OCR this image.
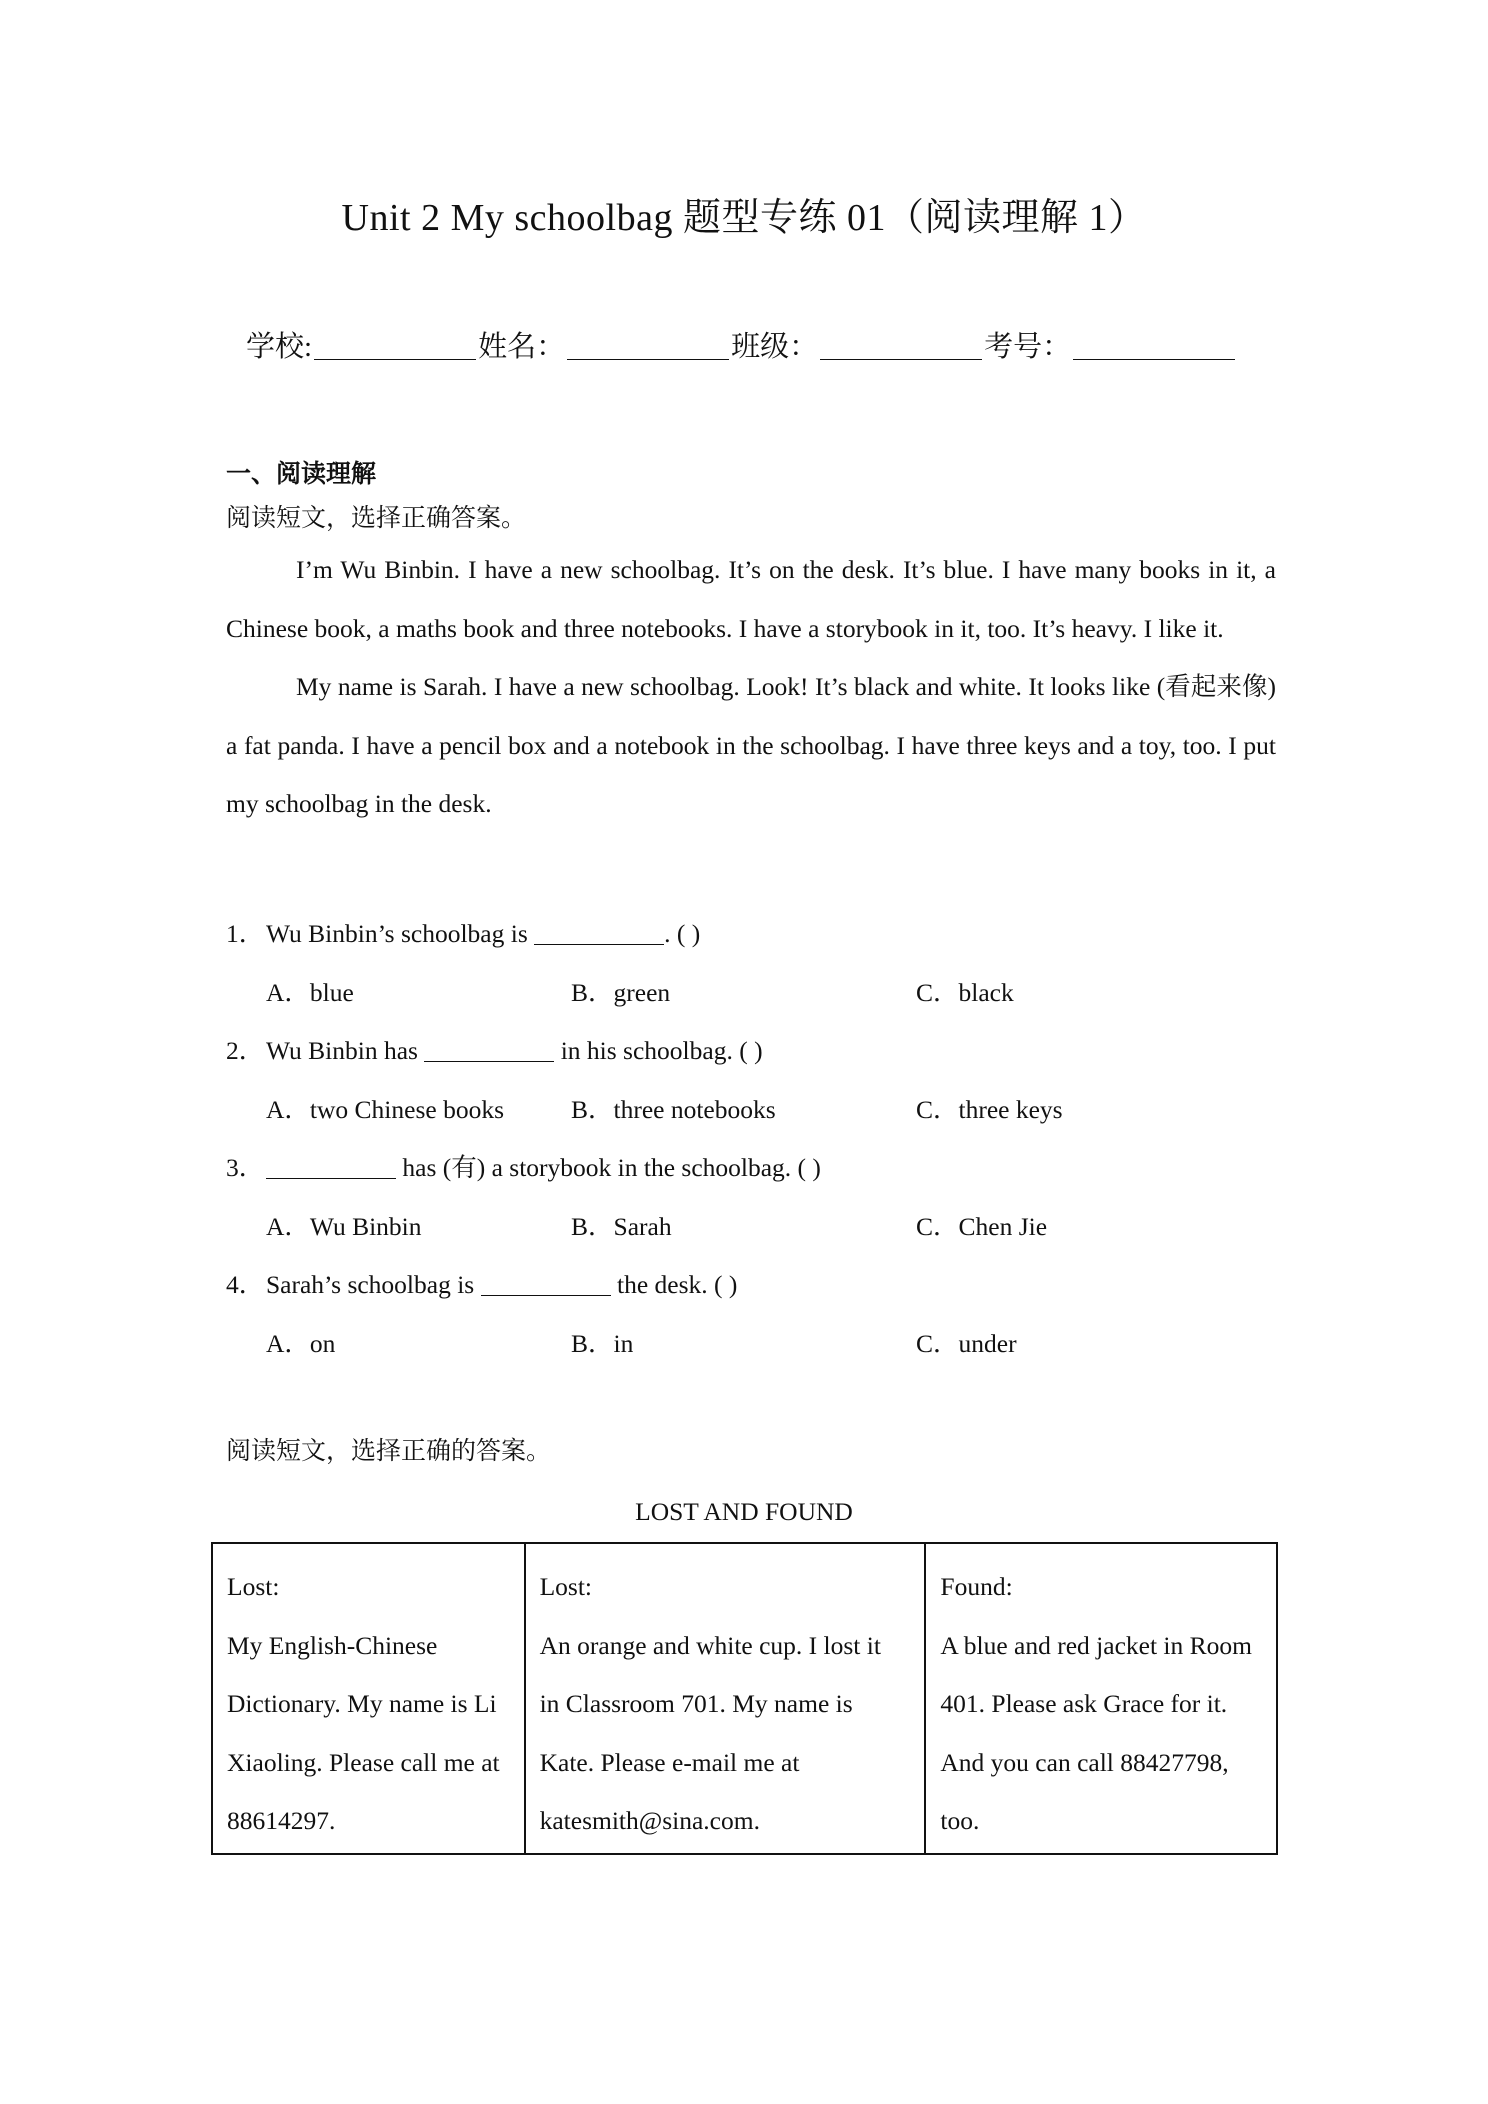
Unit 2 My schoolbag 题型专练 01（阅读理解 1）
学校:	姓名：	班级：	考号：
一、阅读理解
阅读短文，选择正确答案。

I’m Wu Binbin. I have a new schoolbag. It’s on the desk. It’s blue. I have many books in it, a Chinese book, a maths book and three notebooks. I have a storybook in it, too. It’s heavy. I like it.

My name is Sarah. I have a new schoolbag. Look! It’s black and white. It looks like (看起来像) a fat panda. I have a pencil box and a notebook in the schoolbag. I have three keys and a toy, too. I put my schoolbag in the desk.

1．Wu Binbin’s schoolbag is	. ( )
A．blue	B．green	C．black
2．Wu Binbin has	in his schoolbag. ( )
A．two Chinese books	B．three notebooks	C．three keys
3．	has (有) a storybook in the schoolbag. ( )
A．Wu Binbin	B．Sarah	C．Chen Jie
4．Sarah’s schoolbag is	the desk. ( )
A．on	B．in	C．under
阅读短文，选择正确的答案。
LOST AND FOUND
Lost:
My English-Chinese
Dictionary. My name is Li
Xiaoling. Please call me at
88614297.

Lost:
An orange and white cup. I lost it
in Classroom 701. My name is
Kate. Please e-mail me at
katesmith@sina.com.

Found:
A blue and red jacket in Room
401. Please ask Grace for it.
And you can call 88427798,
too.
